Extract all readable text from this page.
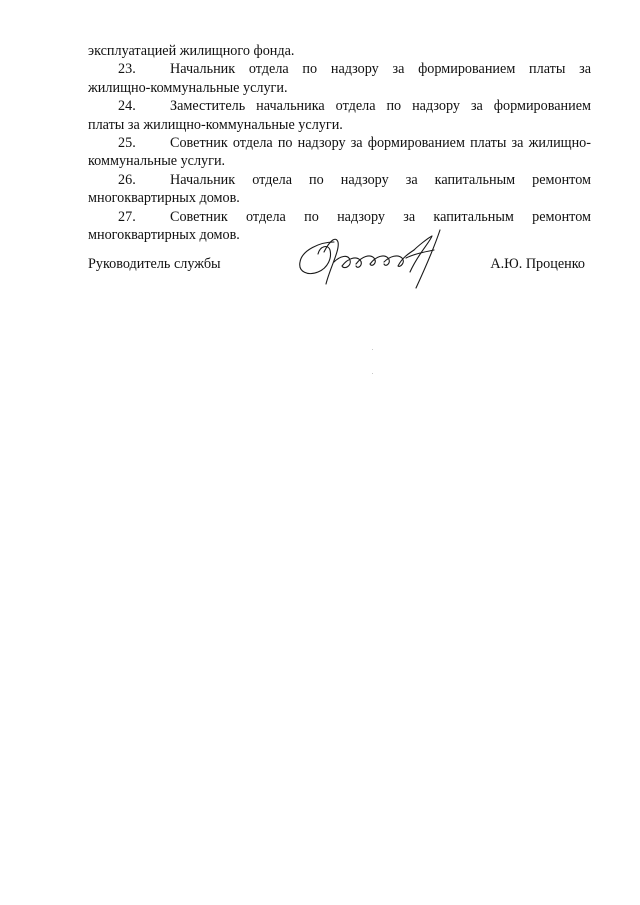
эксплуатацией жилищного фонда.
23. Начальник отдела по надзору за формированием платы за
жилищно-коммунальные услуги.
24. Заместитель начальника отдела по надзору за формированием
платы за жилищно-коммунальные услуги.
25. Советник отдела по надзору за формированием платы за жилищно-
коммунальные услуги.
26. Начальник отдела по надзору за капитальным ремонтом
многоквартирных домов.
27. Советник отдела по надзору за капитальным ремонтом
многоквартирных домов.
Руководитель службы	А.Ю. Проценко
